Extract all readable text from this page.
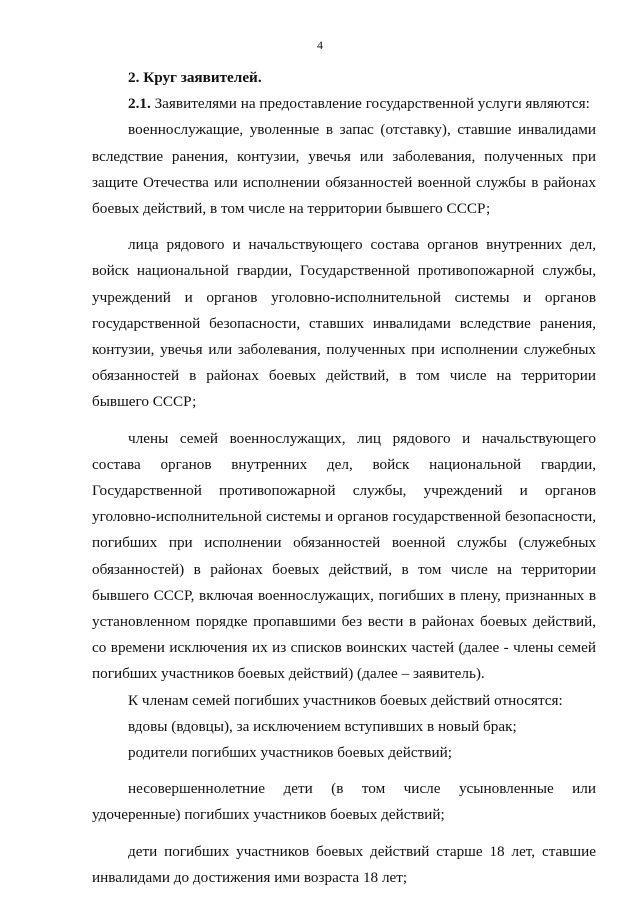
4

2. Круг заявителей.

2.1. Заявителями на предоставление государственной услуги являются:

военнослужащие, уволенные в запас (отставку), ставшие инвалидами вследствие ранения, контузии, увечья или заболевания, полученных при защите Отечества или исполнении обязанностей военной службы в районах боевых действий, в том числе на территории бывшего СССР;

лица рядового и начальствующего состава органов внутренних дел, войск национальной гвардии, Государственной противопожарной службы, учреждений и органов уголовно-исполнительной системы и органов государственной безопасности, ставших инвалидами вследствие ранения, контузии, увечья или заболевания, полученных при исполнении служебных обязанностей в районах боевых действий, в том числе на территории бывшего СССР;

члены семей военнослужащих, лиц рядового и начальствующего состава органов внутренних дел, войск национальной гвардии, Государственной противопожарной службы, учреждений и органов уголовно-исполнительной системы и органов государственной безопасности, погибших при исполнении обязанностей военной службы (служебных обязанностей) в районах боевых действий, в том числе на территории бывшего СССР, включая военнослужащих, погибших в плену, признанных в установленном порядке пропавшими без вести в районах боевых действий, со времени исключения их из списков воинских частей (далее - члены семей погибших участников боевых действий) (далее – заявитель).

К членам семей погибших участников боевых действий относятся:

вдовы (вдовцы), за исключением вступивших в новый брак;

родители погибших участников боевых действий;

несовершеннолетние дети (в том числе усыновленные или удочеренные) погибших участников боевых действий;

дети погибших участников боевых действий старше 18 лет, ставшие инвалидами до достижения ими возраста 18 лет;
